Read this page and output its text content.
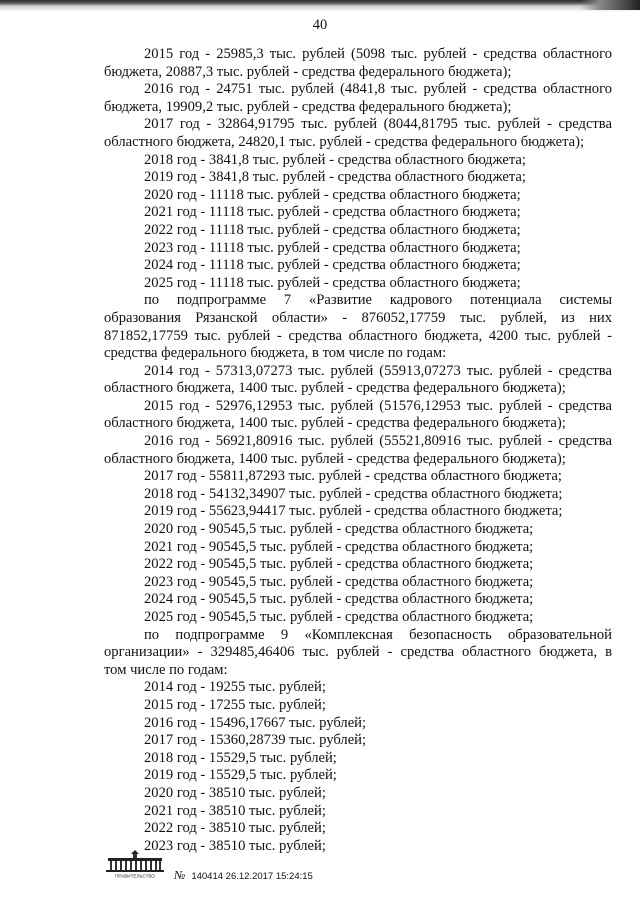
40
2015 год - 25985,3 тыс. рублей (5098 тыс. рублей - средства областного
бюджета, 20887,3 тыс. рублей - средства федерального бюджета);
2016 год - 24751 тыс. рублей (4841,8 тыс. рублей - средства областного
бюджета, 19909,2 тыс. рублей - средства федерального бюджета);
2017 год - 32864,91795 тыс. рублей (8044,81795 тыс. рублей - средства
областного бюджета, 24820,1 тыс. рублей - средства федерального бюджета);
2018 год - 3841,8 тыс. рублей - средства областного бюджета;
2019 год - 3841,8 тыс. рублей - средства областного бюджета;
2020 год - 11118 тыс. рублей - средства областного бюджета;
2021 год - 11118 тыс. рублей - средства областного бюджета;
2022 год - 11118 тыс. рублей - средства областного бюджета;
2023 год - 11118 тыс. рублей - средства областного бюджета;
2024 год - 11118 тыс. рублей - средства областного бюджета;
2025 год - 11118 тыс. рублей - средства областного бюджета;
по подпрограмме 7 «Развитие кадрового потенциала системы
образования Рязанской области» - 876052,17759 тыс. рублей, из них
871852,17759 тыс. рублей - средства областного бюджета, 4200 тыс. рублей -
средства федерального бюджета, в том числе по годам:
2014 год - 57313,07273 тыс. рублей (55913,07273 тыс. рублей - средства
областного бюджета, 1400 тыс. рублей - средства федерального бюджета);
2015 год - 52976,12953 тыс. рублей (51576,12953 тыс. рублей - средства
областного бюджета, 1400 тыс. рублей - средства федерального бюджета);
2016 год - 56921,80916 тыс. рублей (55521,80916 тыс. рублей - средства
областного бюджета, 1400 тыс. рублей - средства федерального бюджета);
2017 год - 55811,87293 тыс. рублей - средства областного бюджета;
2018 год - 54132,34907 тыс. рублей - средства областного бюджета;
2019 год - 55623,94417 тыс. рублей - средства областного бюджета;
2020 год - 90545,5 тыс. рублей - средства областного бюджета;
2021 год - 90545,5 тыс. рублей - средства областного бюджета;
2022 год - 90545,5 тыс. рублей - средства областного бюджета;
2023 год - 90545,5 тыс. рублей - средства областного бюджета;
2024 год - 90545,5 тыс. рублей - средства областного бюджета;
2025 год - 90545,5 тыс. рублей - средства областного бюджета;
по подпрограмме 9 «Комплексная безопасность образовательной
организации» - 329485,46406 тыс. рублей - средства областного бюджета, в
том числе по годам:
2014 год - 19255 тыс. рублей;
2015 год - 17255 тыс. рублей;
2016 год - 15496,17667 тыс. рублей;
2017 год - 15360,28739 тыс. рублей;
2018 год - 15529,5 тыс. рублей;
2019 год - 15529,5 тыс. рублей;
2020 год - 38510 тыс. рублей;
2021 год - 38510 тыс. рублей;
2022 год - 38510 тыс. рублей;
2023 год - 38510 тыс. рублей;
ПРАВИТЕЛЬСТВО № 140414 26.12.2017 15:24:15
